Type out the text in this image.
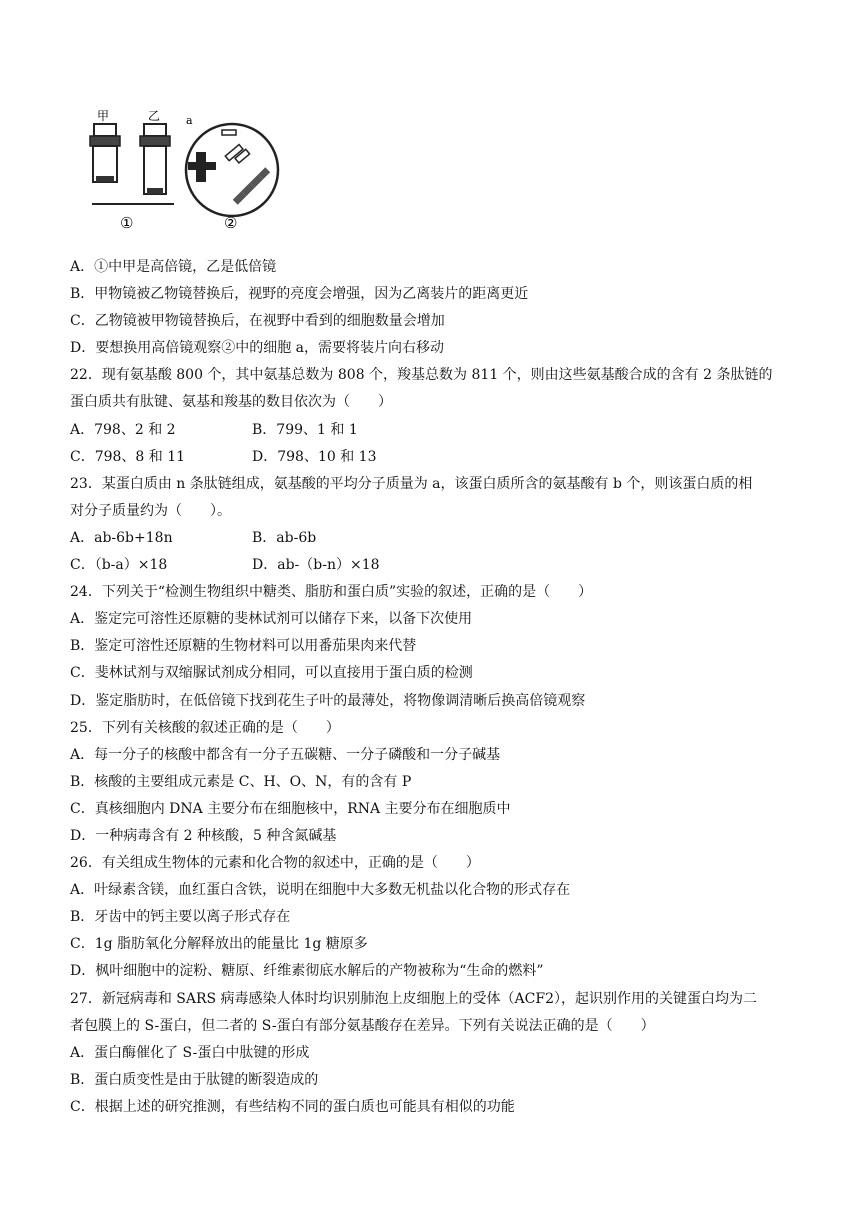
甲	乙
①
a
②
A．①中甲是高倍镜，乙是低倍镜
B．甲物镜被乙物镜替换后，视野的亮度会增强，因为乙离装片的距离更近
C．乙物镜被甲物镜替换后，在视野中看到的细胞数量会增加
D．要想换用高倍镜观察②中的细胞 a，需要将装片向右移动
22．现有氨基酸 800 个，其中氨基总数为 808 个，羧基总数为 811 个，则由这些氨基酸合成的含有 2 条肽链的
蛋白质共有肽键、氨基和羧基的数目依次为（　　）
A．798、2 和 2	B．799、1 和 1
C．798、8 和 11	D．798、10 和 13
23．某蛋白质由 n 条肽链组成，氨基酸的平均分子质量为 a，该蛋白质所含的氨基酸有 b 个，则该蛋白质的相
对分子质量约为（　　）。
A．ab-6b+18n	B．ab-6b
C．（b-a）×18	D．ab-（b-n）×18
24．下列关于“检测生物组织中糖类、脂肪和蛋白质”实验的叙述，正确的是（　　）
A．鉴定完可溶性还原糖的斐林试剂可以储存下来，以备下次使用
B．鉴定可溶性还原糖的生物材料可以用番茄果肉来代替
C．斐林试剂与双缩脲试剂成分相同，可以直接用于蛋白质的检测
D．鉴定脂肪时，在低倍镜下找到花生子叶的最薄处，将物像调清晰后换高倍镜观察
25．下列有关核酸的叙述正确的是（　　）
A．每一分子的核酸中都含有一分子五碳糖、一分子磷酸和一分子碱基
B．核酸的主要组成元素是 C、H、O、N，有的含有 P
C．真核细胞内 DNA 主要分布在细胞核中，RNA 主要分布在细胞质中
D．一种病毒含有 2 种核酸，5 种含氮碱基
26．有关组成生物体的元素和化合物的叙述中，正确的是（　　）
A．叶绿素含镁，血红蛋白含铁，说明在细胞中大多数无机盐以化合物的形式存在
B．牙齿中的钙主要以离子形式存在
C．1g 脂肪氧化分解释放出的能量比 1g 糖原多
D．枫叶细胞中的淀粉、糖原、纤维素彻底水解后的产物被称为“生命的燃料”
27．新冠病毒和 SARS 病毒感染人体时均识别肺泡上皮细胞上的受体（ACF2），起识别作用的关键蛋白均为二
者包膜上的 S-蛋白，但二者的 S-蛋白有部分氨基酸存在差异。下列有关说法正确的是（　　）
A．蛋白酶催化了 S-蛋白中肽键的形成
B．蛋白质变性是由于肽键的断裂造成的
C．根据上述的研究推测，有些结构不同的蛋白质也可能具有相似的功能
